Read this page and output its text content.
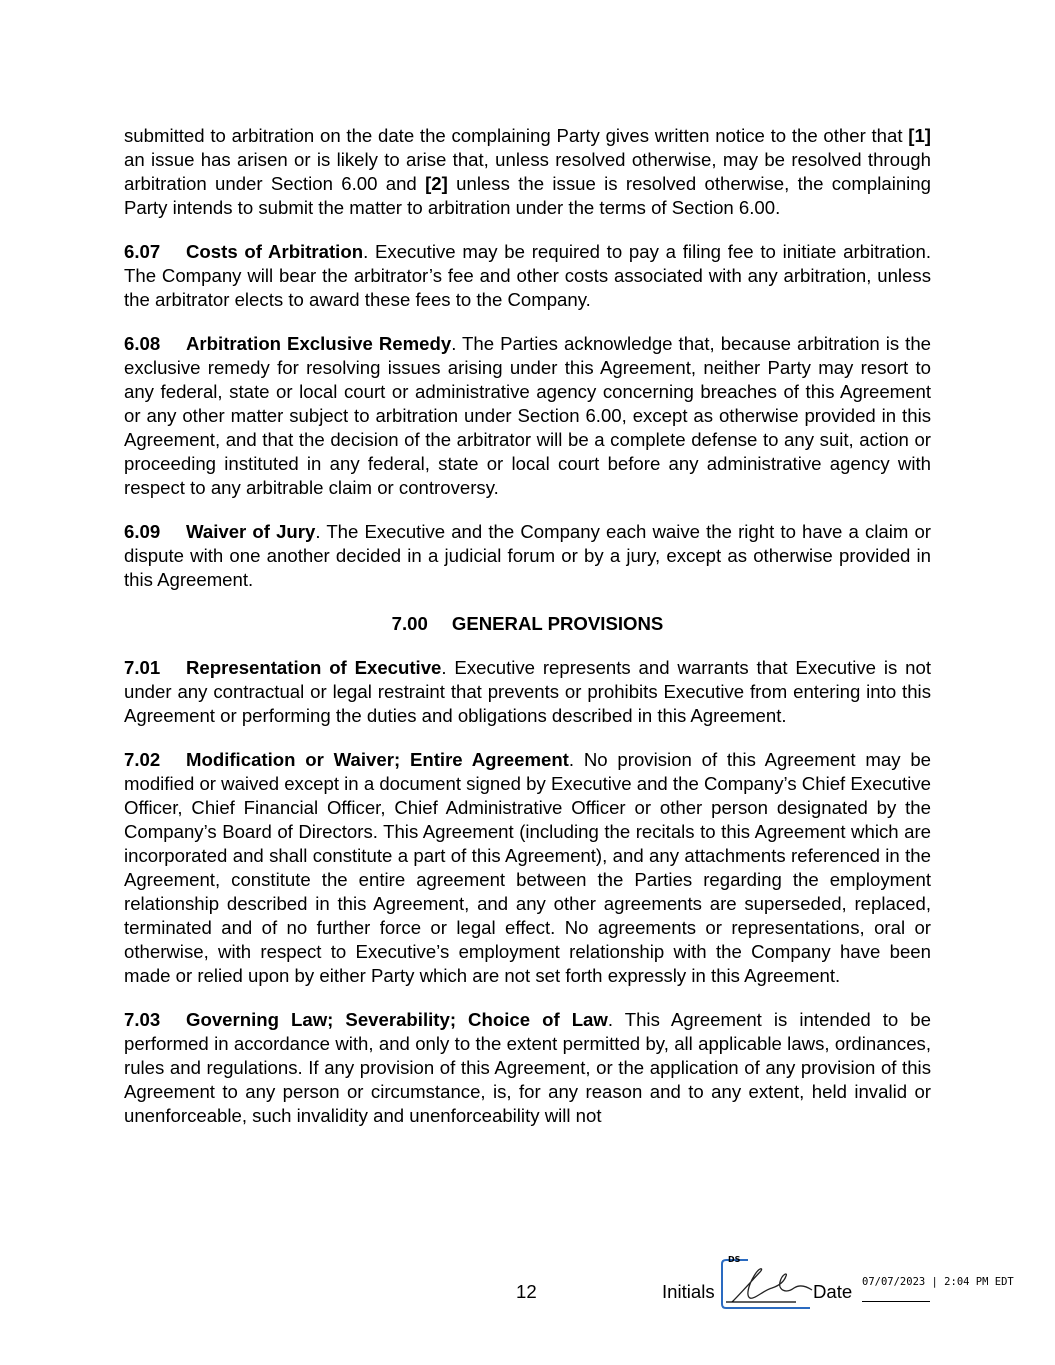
submitted to arbitration on the date the complaining Party gives written notice to the other that [1] an issue has arisen or is likely to arise that, unless resolved otherwise, may be resolved through arbitration under Section 6.00 and [2] unless the issue is resolved otherwise, the complaining Party intends to submit the matter to arbitration under the terms of Section 6.00.

6.07 Costs of Arbitration. Executive may be required to pay a filing fee to initiate arbitration. The Company will bear the arbitrator’s fee and other costs associated with any arbitration, unless the arbitrator elects to award these fees to the Company.

6.08 Arbitration Exclusive Remedy. The Parties acknowledge that, because arbitration is the exclusive remedy for resolving issues arising under this Agreement, neither Party may resort to any federal, state or local court or administrative agency concerning breaches of this Agreement or any other matter subject to arbitration under Section 6.00, except as otherwise provided in this Agreement, and that the decision of the arbitrator will be a complete defense to any suit, action or proceeding instituted in any federal, state or local court before any administrative agency with respect to any arbitrable claim or controversy.

6.09 Waiver of Jury. The Executive and the Company each waive the right to have a claim or dispute with one another decided in a judicial forum or by a jury, except as otherwise provided in this Agreement.

7.00 GENERAL PROVISIONS

7.01 Representation of Executive. Executive represents and warrants that Executive is not under any contractual or legal restraint that prevents or prohibits Executive from entering into this Agreement or performing the duties and obligations described in this Agreement.

7.02 Modification or Waiver; Entire Agreement. No provision of this Agreement may be modified or waived except in a document signed by Executive and the Company’s Chief Executive Officer, Chief Financial Officer, Chief Administrative Officer or other person designated by the Company’s Board of Directors. This Agreement (including the recitals to this Agreement which are incorporated and shall constitute a part of this Agreement), and any attachments referenced in the Agreement, constitute the entire agreement between the Parties regarding the employment relationship described in this Agreement, and any other agreements are superseded, replaced, terminated and of no further force or legal effect. No agreements or representations, oral or otherwise, with respect to Executive’s employment relationship with the Company have been made or relied upon by either Party which are not set forth expressly in this Agreement.

7.03 Governing Law; Severability; Choice of Law. This Agreement is intended to be performed in accordance with, and only to the extent permitted by, all applicable laws, ordinances, rules and regulations. If any provision of this Agreement, or the application of any provision of this Agreement to any person or circumstance, is, for any reason and to any extent, held invalid or unenforceable, such invalidity and unenforceability will not

12	Initials
DS
Date 07/07/2023 | 2:04 PM EDT
